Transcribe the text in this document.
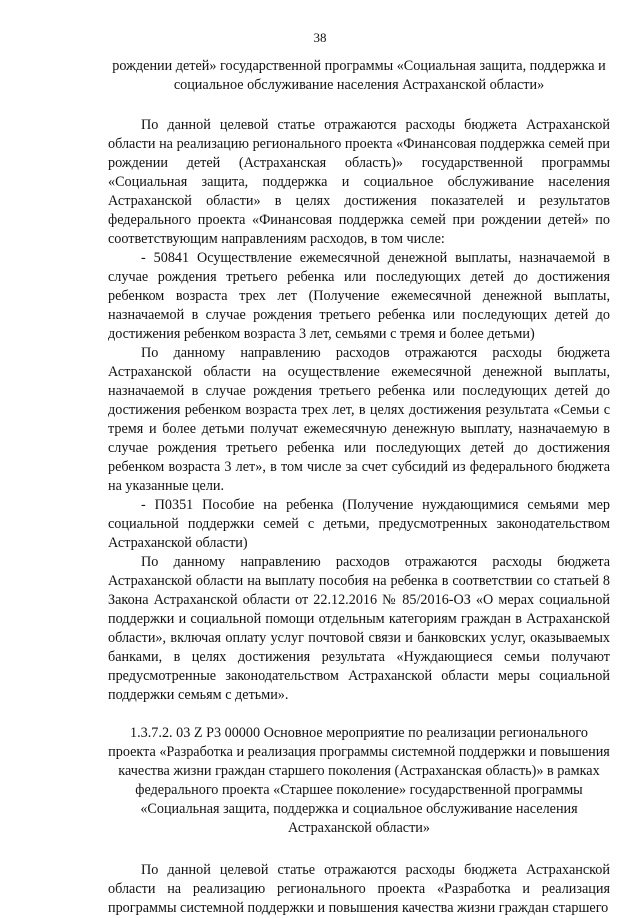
38

рождении детей» государственной программы «Социальная защита, поддержка и социальное обслуживание населения Астраханской области»

По данной целевой статье отражаются расходы бюджета Астраханской области на реализацию регионального проекта «Финансовая поддержка семей при рождении детей (Астраханская область)» государственной программы «Социальная защита, поддержка и социальное обслуживание населения Астраханской области» в целях достижения показателей и результатов федерального проекта «Финансовая поддержка семей при рождении детей» по соответствующим направлениям расходов, в том числе:

- 50841 Осуществление ежемесячной денежной выплаты, назначаемой в случае рождения третьего ребенка или последующих детей до достижения ребенком возраста трех лет (Получение ежемесячной денежной выплаты, назначаемой в случае рождения третьего ребенка или последующих детей до достижения ребенком возраста 3 лет, семьями с тремя и более детьми)

По данному направлению расходов отражаются расходы бюджета Астраханской области на осуществление ежемесячной денежной выплаты, назначаемой в случае рождения третьего ребенка или последующих детей до достижения ребенком возраста трех лет, в целях достижения результата «Семьи с тремя и более детьми получат ежемесячную денежную выплату, назначаемую в случае рождения третьего ребенка или последующих детей до достижения ребенком возраста 3 лет», в том числе за счет субсидий из федерального бюджета на указанные цели.

- П0351 Пособие на ребенка (Получение нуждающимися семьями мер социальной поддержки семей с детьми, предусмотренных законодательством Астраханской области)

По данному направлению расходов отражаются расходы бюджета Астраханской области на выплату пособия на ребенка в соответствии со статьей 8 Закона Астраханской области от 22.12.2016 № 85/2016-ОЗ «О мерах социальной поддержки и социальной помощи отдельным категориям граждан в Астраханской области», включая оплату услуг почтовой связи и банковских услуг, оказываемых банками, в целях достижения результата «Нуждающиеся семьи получают предусмотренные законодательством Астраханской области меры социальной поддержки семьям с детьми».

1.3.7.2. 03 Z P3 00000 Основное мероприятие по реализации регионального проекта «Разработка и реализация программы системной поддержки и повышения качества жизни граждан старшего поколения (Астраханская область)» в рамках федерального проекта «Старшее поколение» государственной программы «Социальная защита, поддержка и социальное обслуживание населения Астраханской области»

По данной целевой статье отражаются расходы бюджета Астраханской области на реализацию регионального проекта «Разработка и реализация программы системной поддержки и повышения качества жизни граждан старшего
